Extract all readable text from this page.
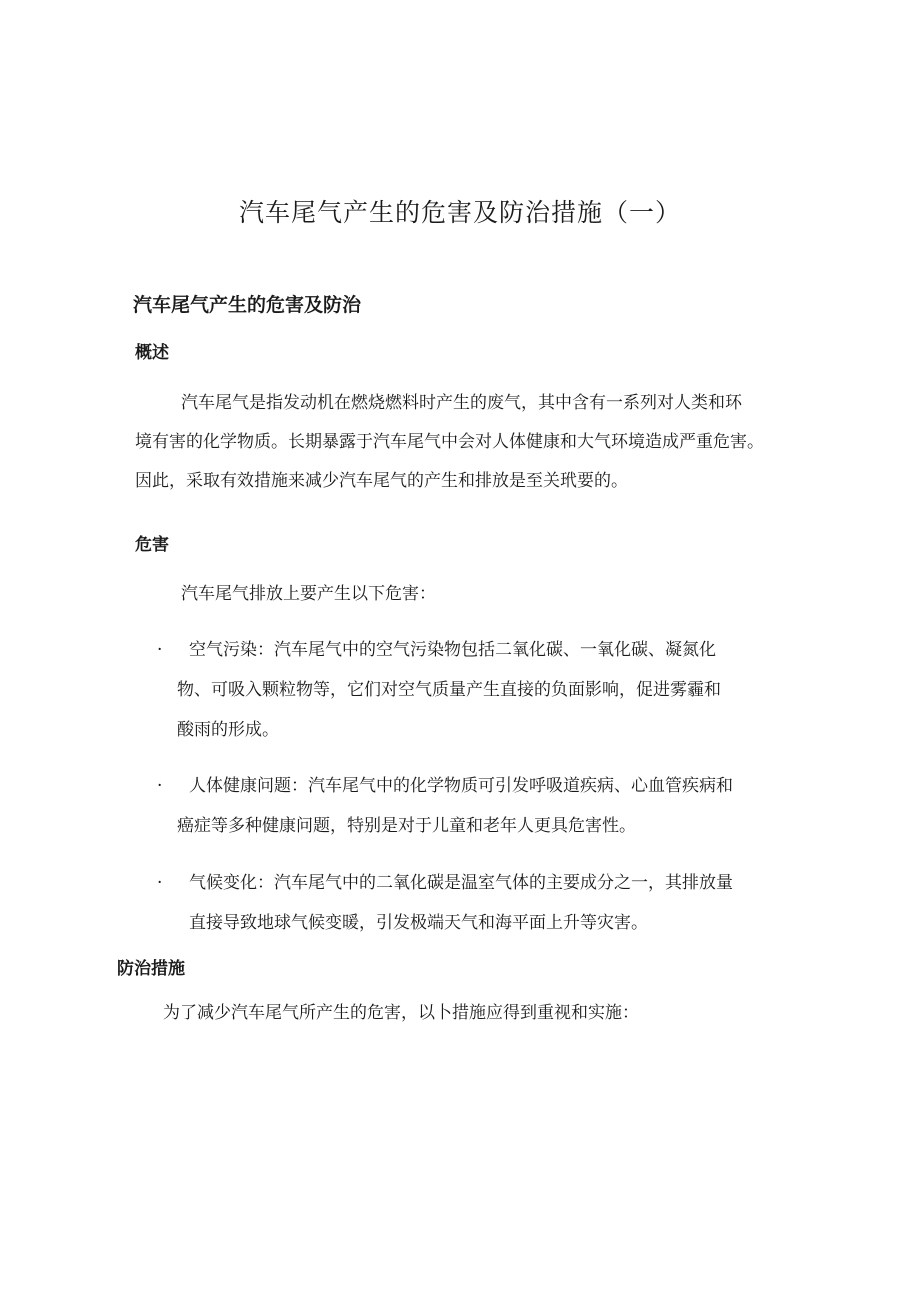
汽车尾气产生的危害及防治措施（一）
汽车尾气产生的危害及防治
概述
汽车尾气是指发动机在燃烧燃料时产生的废气，其中含有一系列对人类和环
境有害的化学物质。长期暴露于汽车尾气中会对人体健康和大气环境造成严重危害。
因此，采取有效措施来减少汽车尾气的产生和排放是至关玳要的。
危害

汽车尾气排放上要产生以下危害：

·	空气污染：汽车尾气中的空气污染物包括二氧化碳、一氧化碳、凝氮化
物、可吸入颗粒物等，它们对空气质量产生直接的负面影响，促进雾霾和
酸雨的形成。
·	人体健康问题：汽车尾气中的化学物质可引发呼吸道疾病、心血管疾病和
癌症等多种健康问题，特别是对于儿童和老年人更具危害性。
·	气候变化：汽车尾气中的二氧化碳是温室气体的主要成分之一，其排放量
直接导致地球气候变暖，引发极端天气和海平面上升等灾害。
防治措施

为了减少汽车尾气所产生的危害，以卜措施应得到重视和实施：
